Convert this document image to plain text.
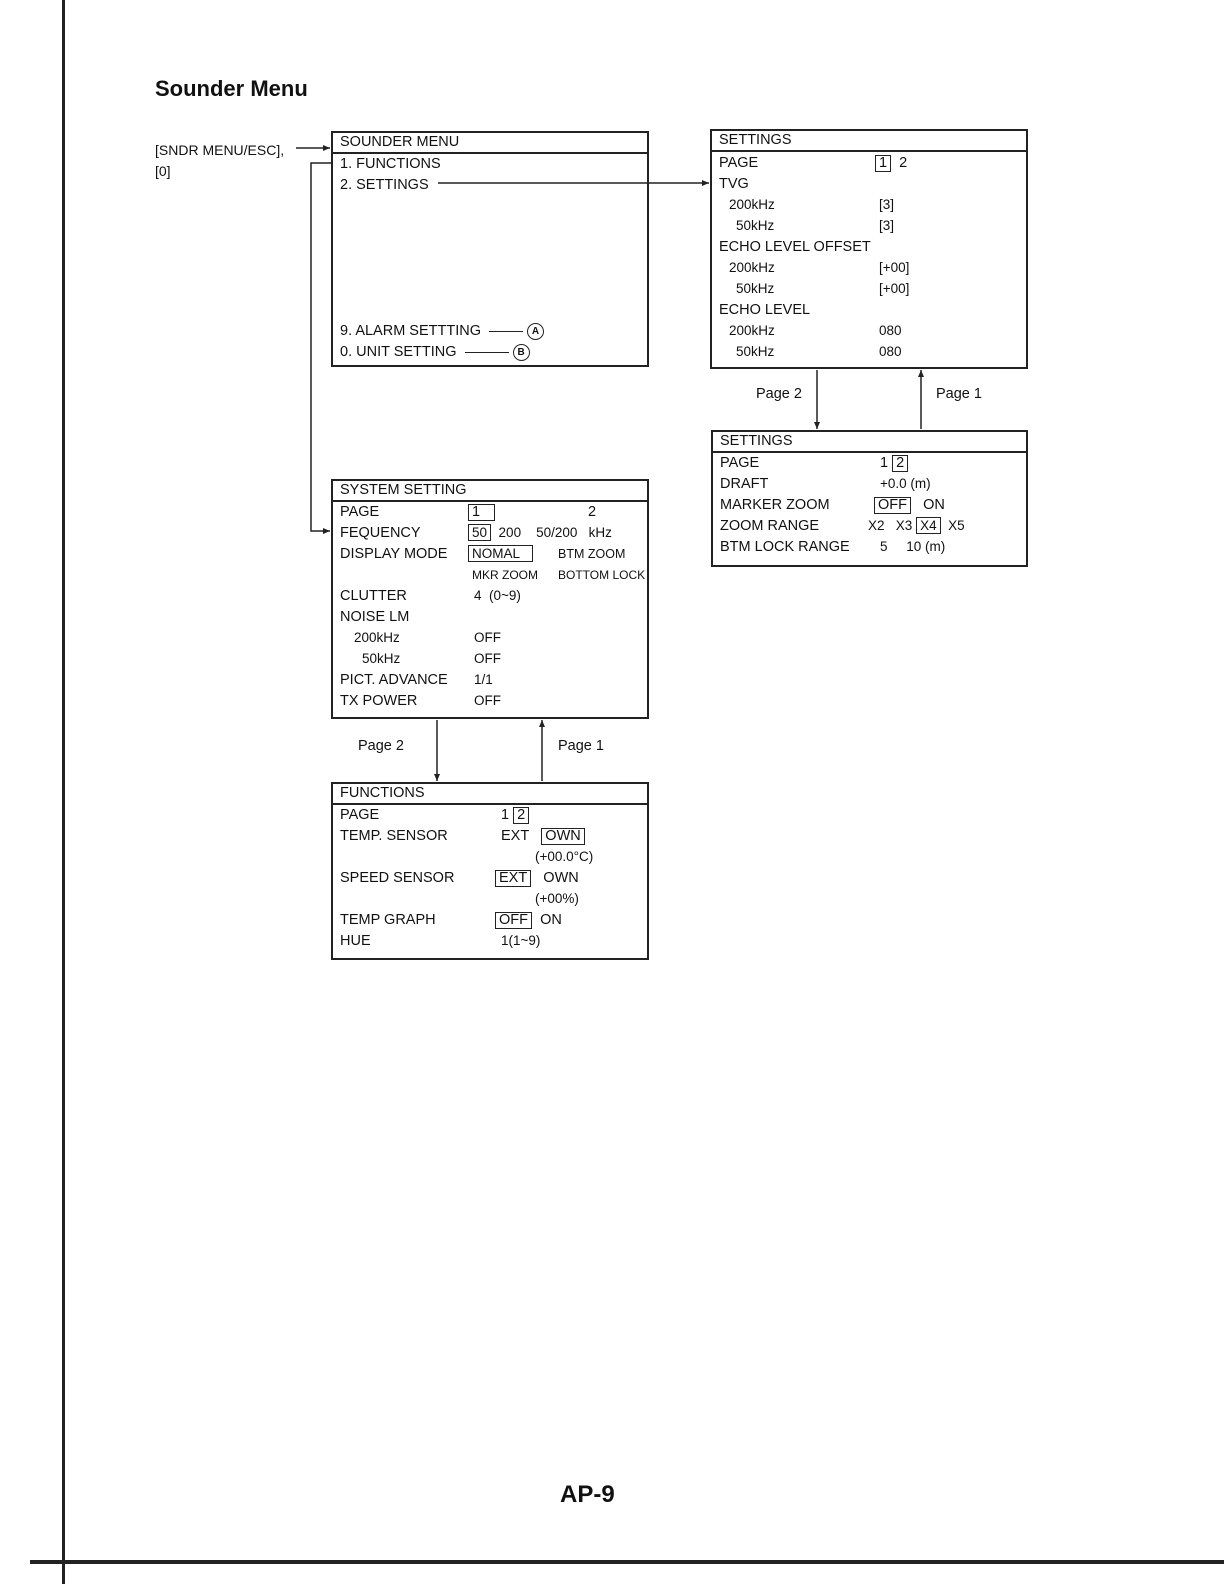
Sounder Menu
[SNDR MENU/ESC],
[0]
SOUNDER MENU
1. FUNCTIONS
2. SETTINGS
9. ALARM SETTTING	A
0. UNIT SETTING	B
SETTINGS
PAGE	1 2
TVG
200kHz	[3]
50kHz	[3]
ECHO LEVEL OFFSET
200kHz	[+00]
50kHz	[+00]
ECHO LEVEL
200kHz	080
50kHz	080
Page 2	Page 1
SETTINGS
PAGE	1 2
DRAFT	+0.0 (m)
MARKER ZOOM	OFF ON
ZOOM RANGE	X2 X3 X4 X5
BTM LOCK RANGE 5 10 (m)
SYSTEM SETTING
PAGE	1	2
FEQUENCY	50 200 50/200 kHz
DISPLAY MODE NOMAL	BTM ZOOM
MKR ZOOM BOTTOM LOCK
CLUTTER	4  (0~9)
NOISE LM
200kHz	OFF
50kHz	OFF
PICT. ADVANCE 1/1
TX POWER	OFF
Page 2	Page 1
FUNCTIONS
PAGE	1 2
TEMP. SENSOR	EXT OWN
(+00.0°C)
SPEED SENSOR	EXT OWN
(+00%)
TEMP GRAPH	OFF ON
HUE	1(1~9)
AP-9
